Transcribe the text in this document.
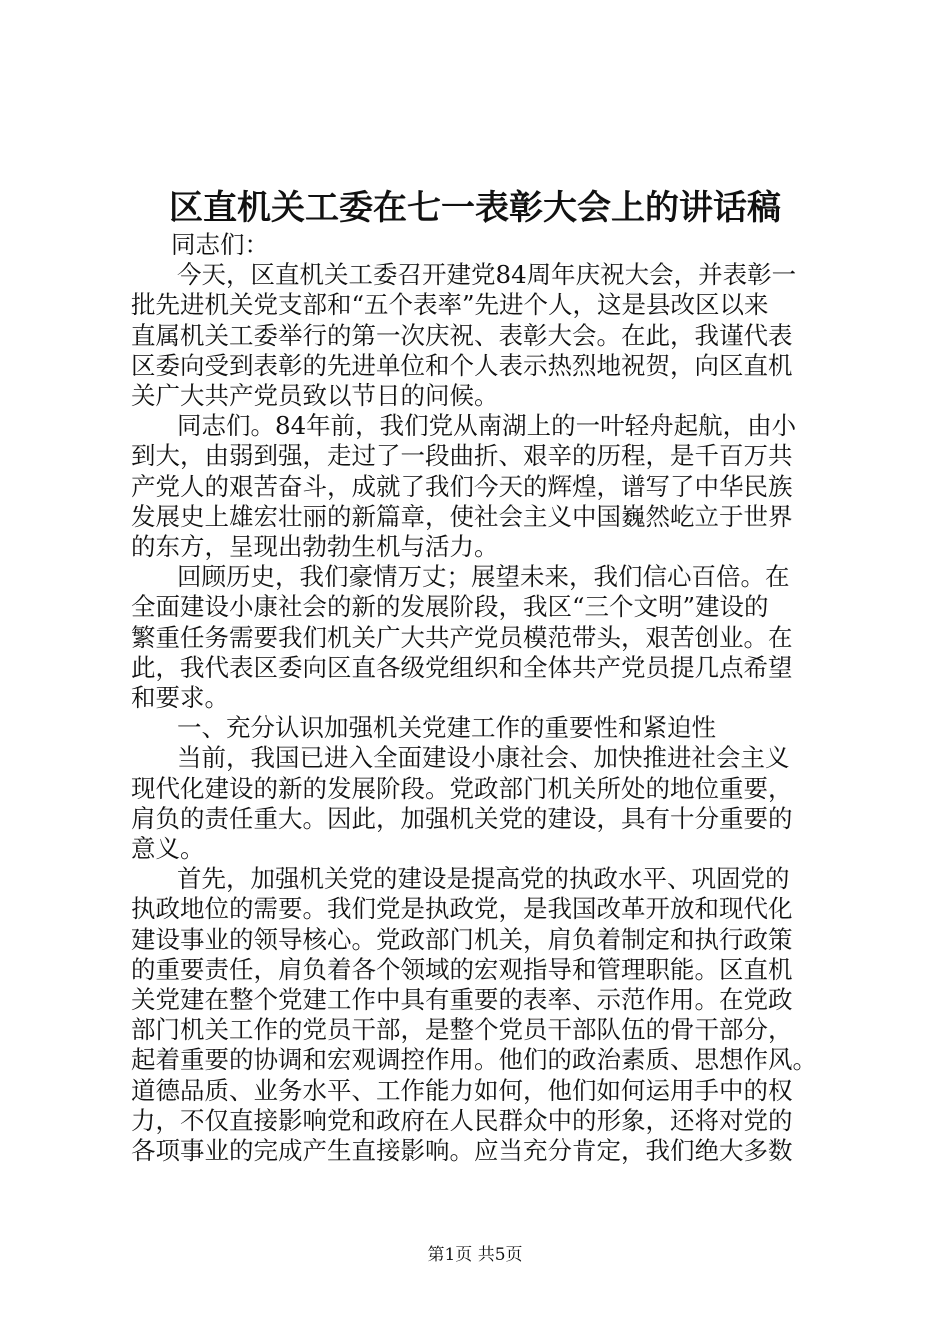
区直机关工委在七一表彰大会上的讲话稿

同志们：

今天，区直机关工委召开建党84周年庆祝大会，并表彰一
批先进机关党支部和“五个表率”先进个人，这是县改区以来
直属机关工委举行的第一次庆祝、表彰大会。在此，我谨代表
区委向受到表彰的先进单位和个人表示热烈地祝贺，向区直机
关广大共产党员致以节日的问候。

同志们。84年前，我们党从南湖上的一叶轻舟起航，由小
到大，由弱到强，走过了一段曲折、艰辛的历程，是千百万共
产党人的艰苦奋斗，成就了我们今天的辉煌，谱写了中华民族
发展史上雄宏壮丽的新篇章，使社会主义中国巍然屹立于世界
的东方，呈现出勃勃生机与活力。

回顾历史，我们豪情万丈；展望未来，我们信心百倍。在
全面建设小康社会的新的发展阶段，我区“三个文明”建设的
繁重任务需要我们机关广大共产党员模范带头，艰苦创业。在
此，我代表区委向区直各级党组织和全体共产党员提几点希望
和要求。

一、充分认识加强机关党建工作的重要性和紧迫性

当前，我国已进入全面建设小康社会、加快推进社会主义
现代化建设的新的发展阶段。党政部门机关所处的地位重要，
肩负的责任重大。因此，加强机关党的建设，具有十分重要的
意义。

首先，加强机关党的建设是提高党的执政水平、巩固党的
执政地位的需要。我们党是执政党，是我国改革开放和现代化
建设事业的领导核心。党政部门机关，肩负着制定和执行政策
的重要责任，肩负着各个领域的宏观指导和管理职能。区直机
关党建在整个党建工作中具有重要的表率、示范作用。在党政
部门机关工作的党员干部，是整个党员干部队伍的骨干部分，
起着重要的协调和宏观调控作用。他们的政治素质、思想作风。
道德品质、业务水平、工作能力如何，他们如何运用手中的权
力，不仅直接影响党和政府在人民群众中的形象，还将对党的
各项事业的完成产生直接影响。应当充分肯定，我们绝大多数

第1页 共5页
